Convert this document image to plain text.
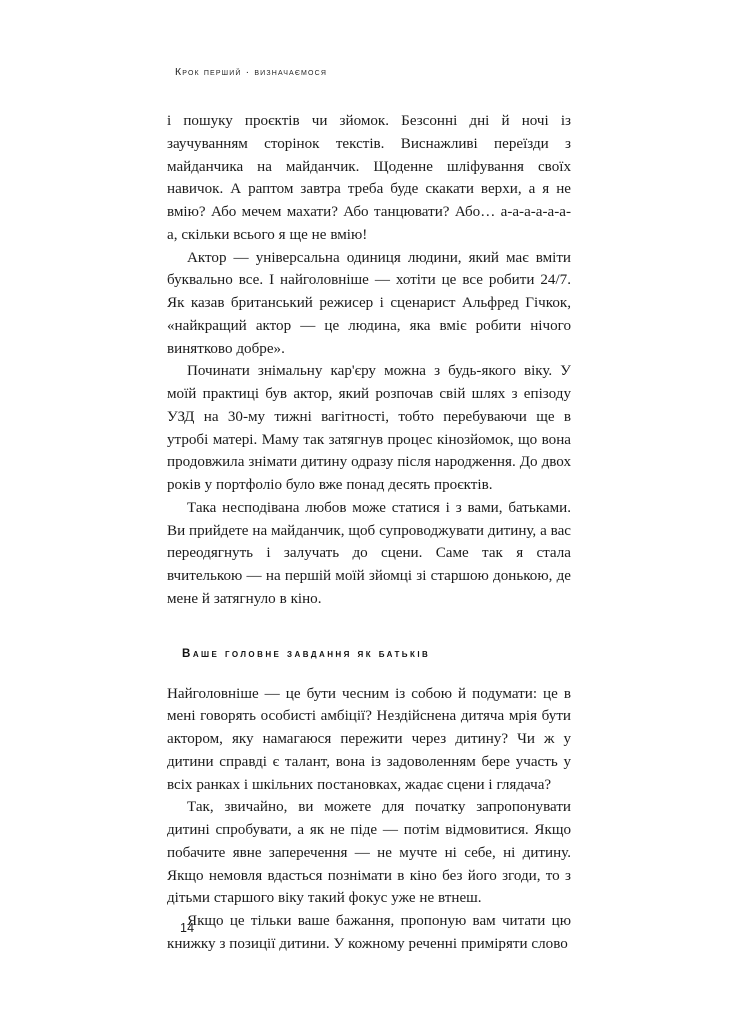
Крок перший · визначаємося

і пошуку проєктів чи зйомок. Безсонні дні й ночі із заучуванням сторінок текстів. Виснажливі переїзди з майданчика на майданчик. Щоденне шліфування своїх навичок. А раптом завтра треба буде скакати верхи, а я не вмію? Або мечем махати? Або танцювати? Або… а-а-а-а-а-а-а, скільки всього я ще не вмію!

Актор — універсальна одиниця людини, який має вміти буквально все. І найголовніше — хотіти це все робити 24/7. Як казав британський режисер і сценарист Альфред Гічкок, «найкращий актор — це людина, яка вміє робити нічого винятково добре».

Починати знімальну кар'єру можна з будь-якого віку. У моїй практиці був актор, який розпочав свій шлях з епізоду УЗД на 30-му тижні вагітності, тобто перебуваючи ще в утробі матері. Маму так затягнув процес кінозйомок, що вона продовжила знімати дитину одразу після народження. До двох років у портфоліо було вже понад десять проєктів.

Така несподівана любов може статися і з вами, батьками. Ви прийдете на майданчик, щоб супроводжувати дитину, а вас переодягнуть і залучать до сцени. Саме так я стала вчителькою — на першій моїй зйомці зі старшою донькою, де мене й затягнуло в кіно.

Ваше головне завдання як батьків

Найголовніше — це бути чесним із собою й подумати: це в мені говорять особисті амбіції? Нездійснена дитяча мрія бути актором, яку намагаюся пережити через дитину? Чи ж у дитини справді є талант, вона із задоволенням бере участь у всіх ранках і шкільних постановках, жадає сцени і глядача?

Так, звичайно, ви можете для початку запропонувати дитині спробувати, а як не піде — потім відмовитися. Якщо побачите явне заперечення — не мучте ні себе, ні дитину. Якщо немовля вдасться познімати в кіно без його згоди, то з дітьми старшого віку такий фокус уже не втнеш.

Якщо це тільки ваше бажання, пропоную вам читати цю книжку з позиції дитини. У кожному реченні приміряти слово

14
